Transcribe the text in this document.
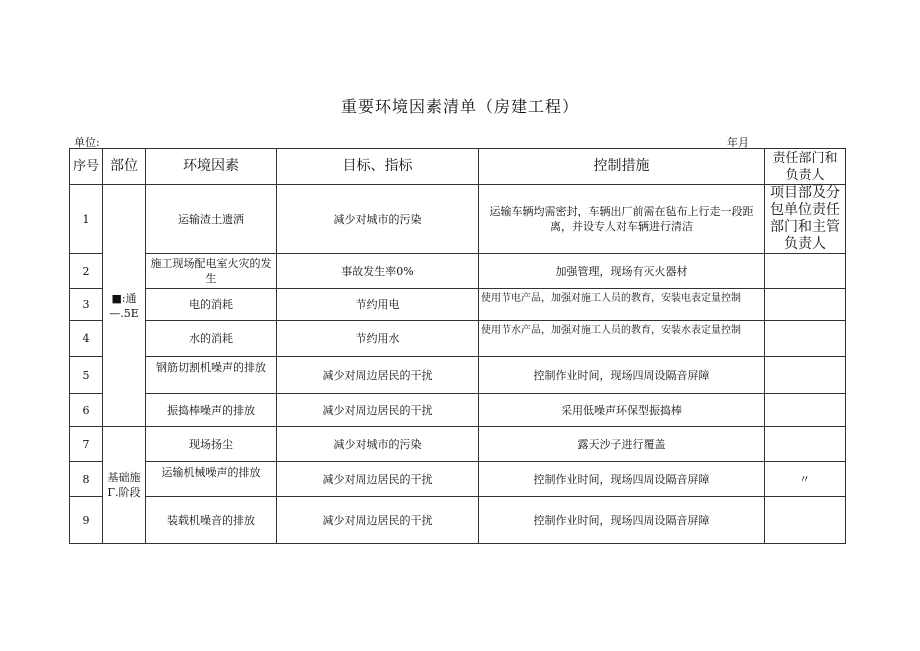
重要环境因素清单（房建工程）
单位:	年月
序号	部位	环境因素	目标、指标	控制措施	责任部门和负责人
1	■:通—.5E	运输渣土遗洒	减少对城市的污染	运输车辆均需密封，车辆出厂前需在毡布上行走一段距离，并设专人对车辆进行清洁	项目部及分包单位责任部门和主管负责人
2		施工现场配电室火灾的发生	事故发生率0%	加强管理，现场有灭火器材	
3		电的消耗	节约用电	使用节电产品，加强对施工人员的教育，安装电表定量控制	
4		水的消耗	节约用水	使用节水产品，加强对施工人员的教育，安装水表定量控制	
5		钢筋切割机噪声的排放	减少对周边居民的干扰	控制作业时间，现场四周设隔音屏障	
6		振捣棒噪声的排放	减少对周边居民的干扰	采用低噪声环保型振捣棒	
7	基础施Γ.阶段	现场扬尘	减少对城市的污染	露天沙子进行覆盖	
8		运输机械噪声的排放	减少对周边居民的干扰	控制作业时间，现场四周设隔音屏障	〃
9		装载机噪音的排放	减少对周边居民的干扰	控制作业时间，现场四周设隔音屏障	
